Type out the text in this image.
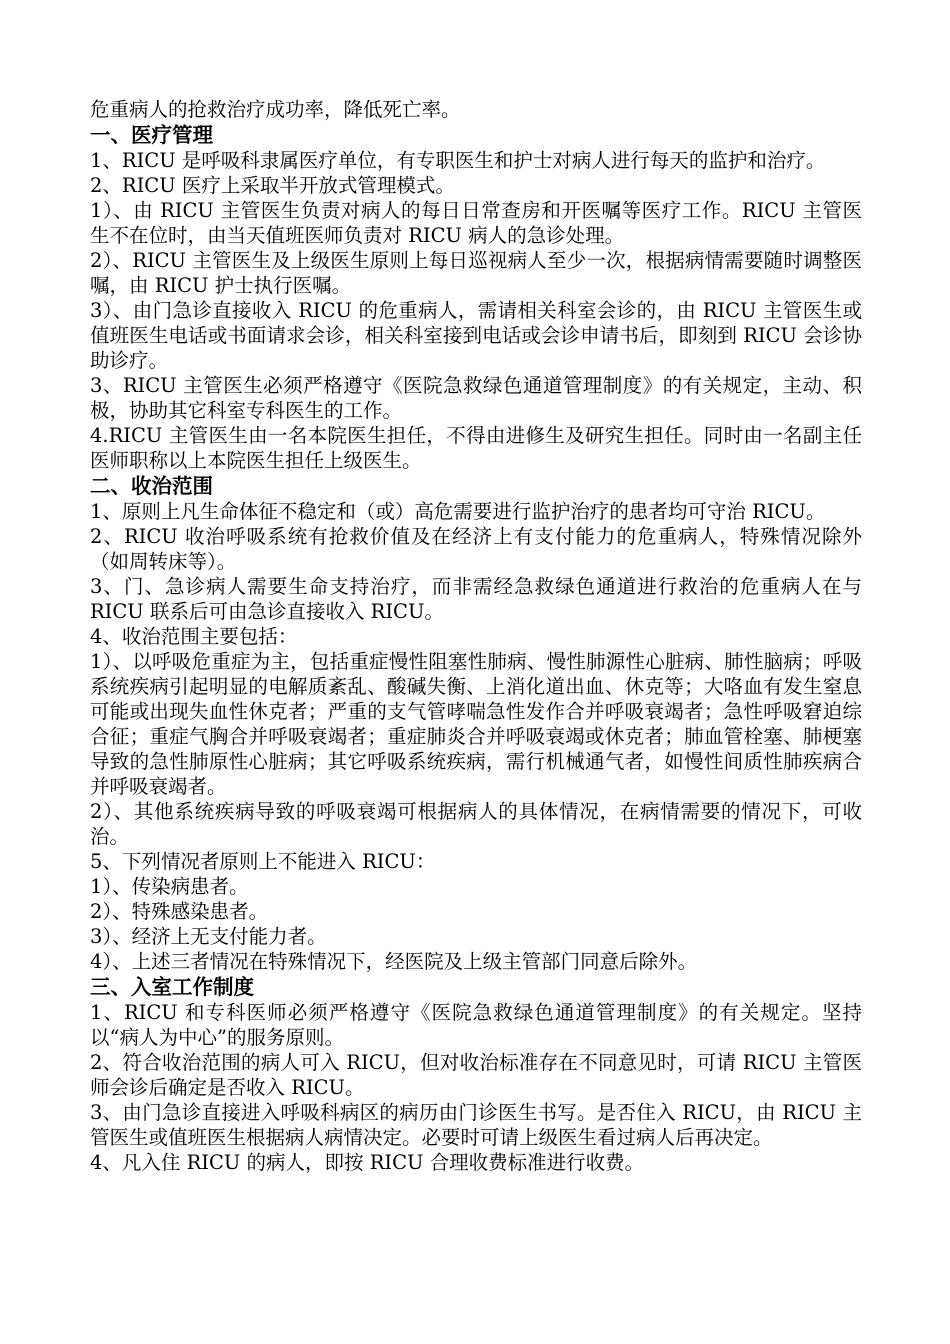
危重病人的抢救治疗成功率，降低死亡率。

一、医疗管理

1、RICU 是呼吸科隶属医疗单位，有专职医生和护士对病人进行每天的监护和治疗。

2、RICU 医疗上采取半开放式管理模式。

1）、由 RICU 主管医生负责对病人的每日日常查房和开医嘱等医疗工作。RICU 主管医生不在位时，由当天值班医师负责对 RICU 病人的急诊处理。

2）、RICU 主管医生及上级医生原则上每日巡视病人至少一次，根据病情需要随时调整医嘱，由 RICU 护士执行医嘱。

3）、由门急诊直接收入 RICU 的危重病人，需请相关科室会诊的，由 RICU 主管医生或值班医生电话或书面请求会诊，相关科室接到电话或会诊申请书后，即刻到 RICU 会诊协助诊疗。

3、RICU 主管医生必须严格遵守《医院急救绿色通道管理制度》的有关规定，主动、积极，协助其它科室专科医生的工作。

4.RICU 主管医生由一名本院医生担任，不得由进修生及研究生担任。同时由一名副主任医师职称以上本院医生担任上级医生。

二、收治范围

1、原则上凡生命体征不稳定和（或）高危需要进行监护治疗的患者均可守治 RICU。

2、RICU 收治呼吸系统有抢救价值及在经济上有支付能力的危重病人，特殊情况除外（如周转床等）。

3、门、急诊病人需要生命支持治疗，而非需经急救绿色通道进行救治的危重病人在与 RICU 联系后可由急诊直接收入 RICU。

4、收治范围主要包括：

1）、以呼吸危重症为主，包括重症慢性阻塞性肺病、慢性肺源性心脏病、肺性脑病；呼吸系统疾病引起明显的电解质紊乱、酸碱失衡、上消化道出血、休克等；大咯血有发生窒息可能或出现失血性休克者；严重的支气管哮喘急性发作合并呼吸衰竭者；急性呼吸窘迫综合征；重症气胸合并呼吸衰竭者；重症肺炎合并呼吸衰竭或休克者；肺血管栓塞、肺梗塞导致的急性肺原性心脏病；其它呼吸系统疾病，需行机械通气者，如慢性间质性肺疾病合并呼吸衰竭者。

2）、其他系统疾病导致的呼吸衰竭可根据病人的具体情况，在病情需要的情况下，可收治。

5、下列情况者原则上不能进入 RICU：

1）、传染病患者。

2）、特殊感染患者。

3）、经济上无支付能力者。

4）、上述三者情况在特殊情况下，经医院及上级主管部门同意后除外。

三、入室工作制度

1、RICU 和专科医师必须严格遵守《医院急救绿色通道管理制度》的有关规定。坚持以“病人为中心”的服务原则。

2、符合收治范围的病人可入 RICU，但对收治标准存在不同意见时，可请 RICU 主管医师会诊后确定是否收入 RICU。

3、由门急诊直接进入呼吸科病区的病历由门诊医生书写。是否住入 RICU，由 RICU 主管医生或值班医生根据病人病情决定。必要时可请上级医生看过病人后再决定。

4、凡入住 RICU 的病人，即按 RICU 合理收费标准进行收费。
